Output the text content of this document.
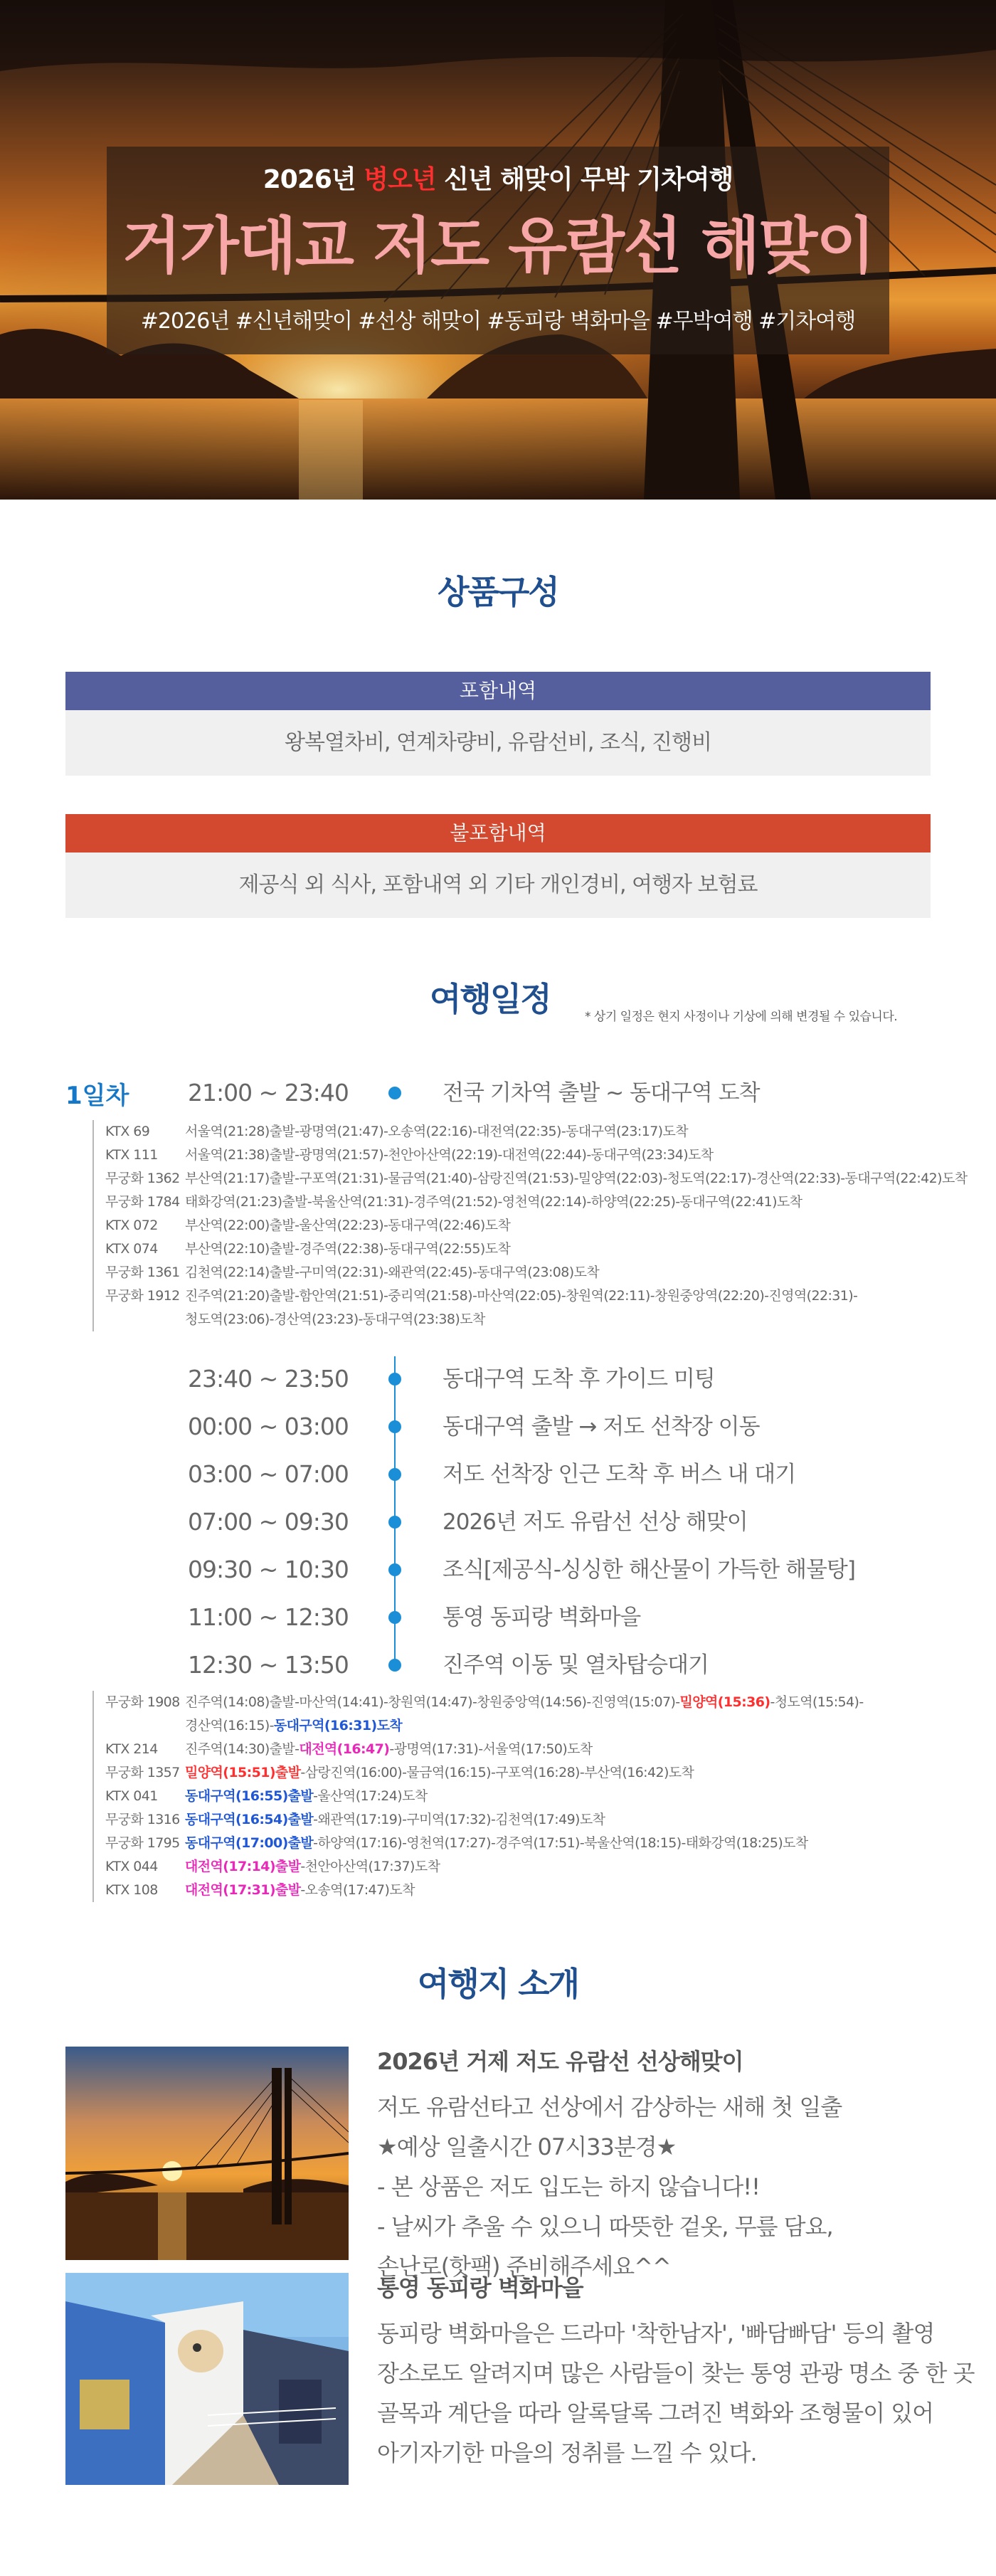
2026년 병오년 신년 해맞이 무박 기차여행
거가대교 저도 유람선 해맞이
#2026년 #신년해맞이 #선상 해맞이 #동피랑 벽화마을 #무박여행 #기차여행
상품구성
포함내역
왕복열차비, 연계차량비, 유람선비, 조식, 진행비
불포함내역
제공식 외 식사, 포함내역 외 기타 개인경비, 여행자 보험료
여행일정	* 상기 일정은 현지 사정이나 기상에 의해 변경될 수 있습니다.
1일차	21:00 ~ 23:40	전국 기차역 출발 ~ 동대구역 도착
KTX 69	서울역(21:28)출발-광명역(21:47)-오송역(22:16)-대전역(22:35)-동대구역(23:17)도착
KTX 111 서울역(21:38)출발-광명역(21:57)-천안아산역(22:19)-대전역(22:44)-동대구역(23:34)도착
무궁화 1362 부산역(21:17)출발-구포역(21:31)-물금역(21:40)-삼랑진역(21:53)-밀양역(22:03)-청도역(22:17)-경산역(22:33)-동대구역(22:42)도착
무궁화 1784 태화강역(21:23)출발-북울산역(21:31)-경주역(21:52)-영천역(22:14)-하양역(22:25)-동대구역(22:41)도착
KTX 072 부산역(22:00)출발-울산역(22:23)-동대구역(22:46)도착
KTX 074 부산역(22:10)출발-경주역(22:38)-동대구역(22:55)도착
무궁화 1361 김천역(22:14)출발-구미역(22:31)-왜관역(22:45)-동대구역(23:08)도착
무궁화 1912 진주역(21:20)출발-함안역(21:51)-중리역(21:58)-마산역(22:05)-창원역(22:11)-창원중앙역(22:20)-진영역(22:31)-
청도역(23:06)-경산역(23:23)-동대구역(23:38)도착
23:40 ~ 23:50	동대구역 도착 후 가이드 미팅
00:00 ~ 03:00	동대구역 출발 → 저도 선착장 이동
03:00 ~ 07:00	저도 선착장 인근 도착 후 버스 내 대기
07:00 ~ 09:30	2026년 저도 유람선 선상 해맞이
09:30 ~ 10:30	조식[제공식-싱싱한 해산물이 가득한 해물탕]
11:00 ~ 12:30	통영 동피랑 벽화마을
12:30 ~ 13:50	진주역 이동 및 열차탑승대기
무궁화 1908 진주역(14:08)출발-마산역(14:41)-창원역(14:47)-창원중앙역(14:56)-진영역(15:07)-밀양역(15:36)-청도역(15:54)-
경산역(16:15)-동대구역(16:31)도착
KTX 214 진주역(14:30)출발-대전역(16:47)-광명역(17:31)-서울역(17:50)도착
무궁화 1357 밀양역(15:51)출발-삼랑진역(16:00)-물금역(16:15)-구포역(16:28)-부산역(16:42)도착
KTX 041 동대구역(16:55)출발-울산역(17:24)도착
무궁화 1316 동대구역(16:54)출발-왜관역(17:19)-구미역(17:32)-김천역(17:49)도착
무궁화 1795 동대구역(17:00)출발-하양역(17:16)-영천역(17:27)-경주역(17:51)-북울산역(18:15)-태화강역(18:25)도착
KTX 044 대전역(17:14)출발-천안아산역(17:37)도착
KTX 108 대전역(17:31)출발-오송역(17:47)도착
여행지 소개
2026년 거제 저도 유람선 선상해맞이
저도 유람선타고 선상에서 감상하는 새해 첫 일출
★예상 일출시간 07시33분경★
- 본 상품은 저도 입도는 하지 않습니다!!
- 날씨가 추울 수 있으니 따뜻한 겉옷, 무릎 담요,
손난로(핫팩) 준비해주세요^^
통영 동피랑 벽화마을
동피랑 벽화마을은 드라마 '착한남자', '빠담빠담' 등의 촬영
장소로도 알려지며 많은 사람들이 찾는 통영 관광 명소 중 한 곳
골목과 계단을 따라 알록달록 그려진 벽화와 조형물이 있어
아기자기한 마을의 정취를 느낄 수 있다.
